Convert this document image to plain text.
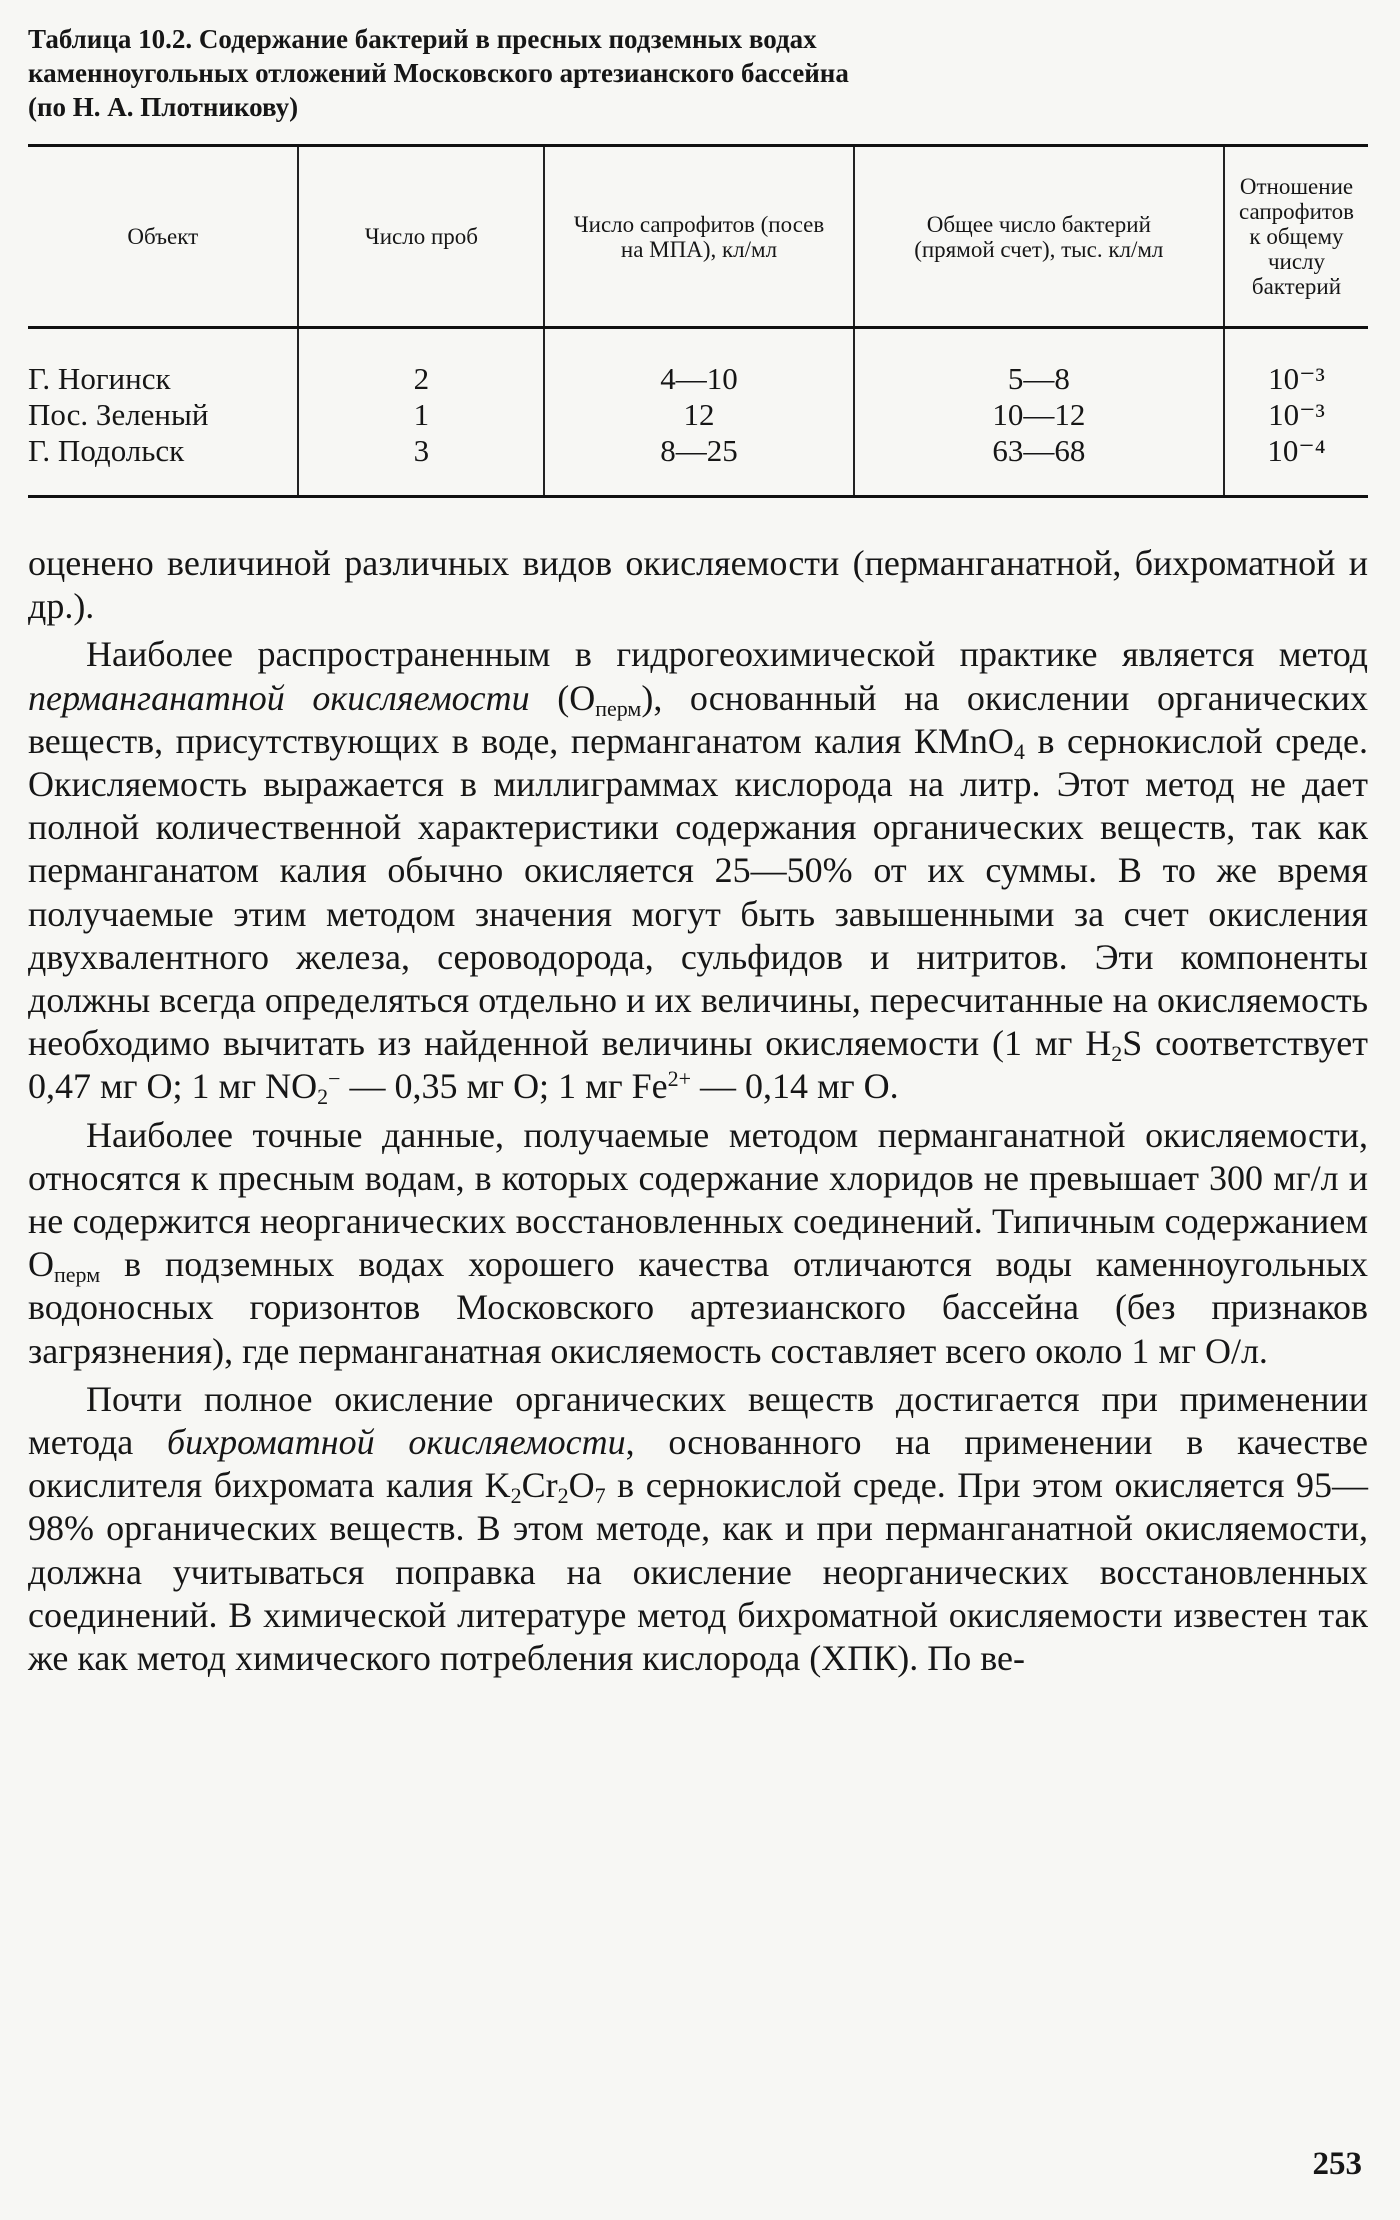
Таблица 10.2. Содержание бактерий в пресных подземных водах
каменноугольных отложений Московского артезианского бассейна
(по Н. А. Плотникову)
Объект	Число проб	Число сапрофитов (посев на МПА), кл/мл	Общее число бактерий (прямой счет), тыс. кл/мл	Отношение сапрофитов к общему числу бактерий

Г. Ногинск	2	4—10	5—8	10⁻³
Пос. Зеленый	1	12	10—12	10⁻³
Г. Подольск	3	8—25	63—68	10⁻⁴

оцененo величиной различных видов окисляемости (перманганатной, бихроматной и др.).

Наиболее распространенным в гидрогеохимической практике является метод перманганатной окисляемости $(О_{перм})$, основанный на окислении органических веществ, присутствующих в воде, перманганатом калия КМnО$_4$ в сернокислой среде. Окисляемость выражается в миллиграммах кислорода на литр. Этот метод не дает полной количественной характеристики содержания органических веществ, так как перманганатом калия обычно окисляется 25—50% от их суммы. В то же время получаемые этим методом значения могут быть завышенными за счет окисления двухвалентного железа, сероводорода, сульфидов и нитритов. Эти компоненты должны всегда определяться отдельно и их величины, пересчитанные на окисляемость необходимо вычитать из найденной величины окисляемости (1 мг $Н_2S$ соответствует 0,47 мг О; 1 мг $NO_2^-$ — 0,35 мг О; 1 мг $Fe^{2+}$ — 0,14 мг О.

Наиболее точные данные, получаемые методом перманганатной окисляемости, относятся к пресным водам, в которых содержание хлоридов не превышает 300 мг/л и не содержится неорганических восстановленных соединений. Типичным содержанием $О_{перм}$ в подземных водах хорошего качества отличаются воды каменноугольных водоносных горизонтов Московского артезианского бассейна (без признаков загрязнения), где перманганатная окисляемость составляет всего около 1 мг О/л.

Почти полное окисление органических веществ достигается при применении метода бихроматной окисляемости, основанного на применении в качестве окислителя бихромата калия $K_2Cr_2O_7$ в сернокислой среде. При этом окисляется 95—98% органических веществ. В этом методе, как и при перманганатной окисляемости, должна учитываться поправка на окисление неорганических восстановленных соединений. В химической литературе метод бихроматной окисляемости известен так же как метод химического потребления кислорода (ХПК). По ве-

253
